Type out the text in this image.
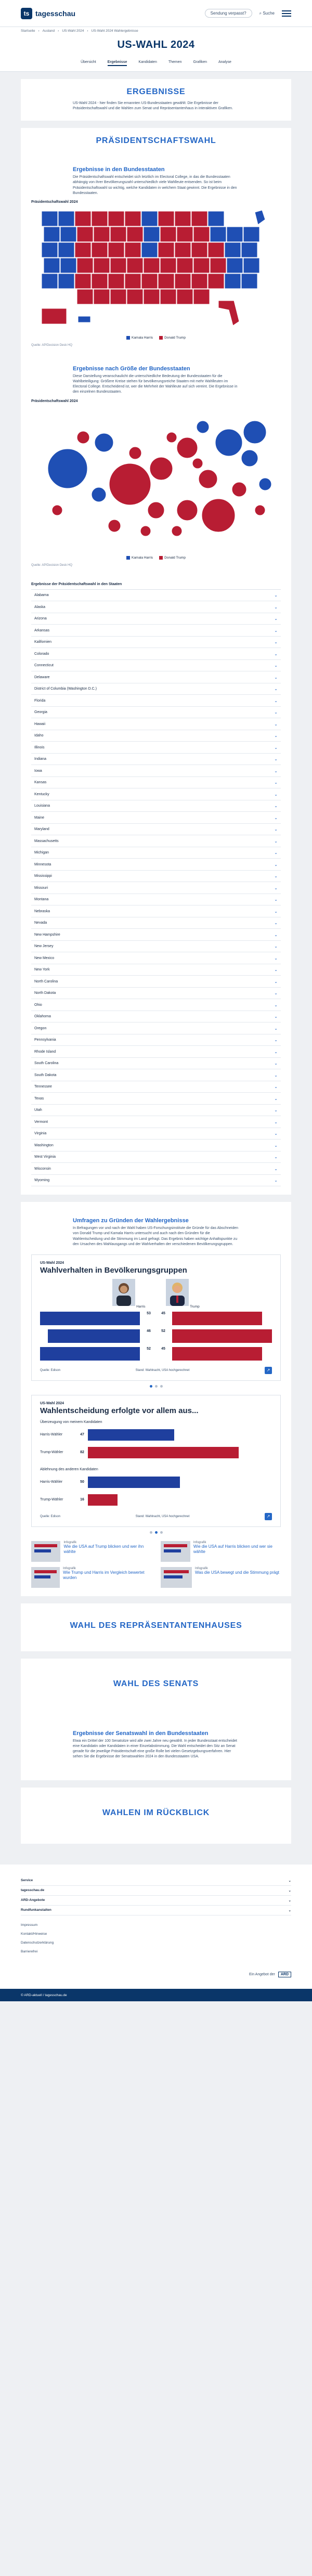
ts tagesschau	Sendung verpasst?	⌕ Suche
Startseite › Ausland › US-Wahl 2024 › US-Wahl 2024 Wahlergebnisse
US-WAHL 2024
Übersicht	Ergebnisse	Kandidaten	Themen	Grafiken	Analyse
ERGEBNISSE

US-Wahl 2024 - hier finden Sie ernannten US-Bundesstaaten gewählt: Die Ergebnisse der Präsidentschaftswahl und die Wahlen zum Senat und Repräsentantenhaus in interaktiven Grafiken.

PRÄSIDENTSCHAFTSWAHL
Ergebnisse in den Bundesstaaten

Die Präsidentschaftswahl entscheidet sich letztlich im Electoral College, in das die Bundesstaaten abhängig von ihrer Bevölkerungszahl unterschiedlich viele Wahlleute entsenden. So ist beim Präsidentschaftswahl so wichtig, welche Kandidaten in welchem Staat gewinnt. Die Ergebnisse in den Bundesstaaten.

Präsidentschaftswahl 2024
Kamala Harris	Donald Trump
Quelle: AP/Decision Desk HQ
Ergebnisse nach Größe der Bundesstaaten

Diese Darstellung veranschaulicht die unterschiedliche Bedeutung der Bundesstaaten für die Wahlbeteiligung: Größere Kreise stehen für bevölkerungsreiche Staaten mit mehr Wahlleuten im Electoral College. Entscheidend ist, wer die Mehrheit der Wahlleute auf sich vereint. Die Ergebnisse in den einzelnen Bundesstaaten.

Präsidentschaftswahl 2024
Kamala Harris	Donald Trump
Quelle: AP/Decision Desk HQ
Ergebnisse der Präsidentschaftswahl in den Staaten
Alabama	⌄
Alaska	⌄
Arizona	⌄
Arkansas	⌄
Kalifornien	⌄
Colorado	⌄
Connecticut	⌄
Delaware	⌄
District of Columbia (Washington D.C.)	⌄
Florida	⌄
Georgia	⌄
Hawaii	⌄
Idaho	⌄
Illinois	⌄
Indiana	⌄
Iowa	⌄
Kansas	⌄
Kentucky	⌄
Louisiana	⌄
Maine	⌄
Maryland	⌄
Massachusetts	⌄
Michigan	⌄
Minnesota	⌄
Mississippi	⌄
Missouri	⌄
Montana	⌄
Nebraska	⌄
Nevada	⌄
New Hampshire	⌄
New Jersey	⌄
New Mexico	⌄
New York	⌄
North Carolina	⌄
North Dakota	⌄
Ohio	⌄
Oklahoma	⌄
Oregon	⌄
Pennsylvania	⌄
Rhode Island	⌄
South Carolina	⌄
South Dakota	⌄
Tennessee	⌄
Texas	⌄
Utah	⌄
Vermont	⌄
Virginia	⌄
Washington	⌄
West Virginia	⌄
Wisconsin	⌄
Wyoming	⌄
Umfragen zu Gründen der Wahlergebnisse

In Befragungen vor und nach der Wahl haben US-Forschungsinstitute die Gründe für das Abschneiden von Donald Trump und Kamala Harris untersucht und auch nach den Gründen für die Wahlentscheidung und die Stimmung im Land gefragt. Das Ergebnis haben wichtige Anhaltspunkte zu den Ursachen des Wahlausgangs und der Wahlverhalten der verschiedenen Bevölkerungsgruppen.

US-Wahl 2024
Wahlverhalten in Bevölkerungsgruppen
Harris	Trump
53	45
46	52
52	45
Quelle: Edison	Stand: Wahlnacht, USA hochgerechnet	↗
US-Wahl 2024
Wahlentscheidung erfolgte vor allem aus...
Überzeugung von meinem Kandidaten
Harris-Wähler	47
Trump-Wähler	82
Ablehnung des anderen Kandidaten
Harris-Wähler	50
Trump-Wähler	16
Quelle: Edison	Stand: Wahlnacht, USA hochgerechnet	↗
Infografik
Wie die USA auf Trump blicken und wer ihn wählte
Infografik
Wie die USA auf Harris blicken und wer sie wählte
Infografik
Wie Trump und Harris im Vergleich bewertet wurden
Infografik
Was die USA bewegt und die Stimmung prägt
WAHL DES REPRÄSENTANTENHAUSES
WAHL DES SENATS
Ergebnisse der Senatswahl in den Bundesstaaten

Etwa ein Drittel der 100 Senatsitze wird alle zwei Jahre neu gewählt. In jeder Bundesstaat entscheidet eine Kandidatin oder Kandidaten in einer Einzelabstimmung. Die Wahl entscheidet den Sitz an Senat gerade für die jeweilige Präsidentschaft eine große Rolle bei vielen Gesetzgebungsverfahren. Hier sehen Sie die Ergebnisse der Senatswahlen 2024 in den Bundesstaaten USA.

WAHLEN IM RÜCKBLICK
Service	⌄
tagesschau.de	⌄
ARD-Angebote	⌄
Rundfunkanstalten	⌄
Impressum
Kontakt/Hinweise
Datenschutzerklärung
Barrierefrei
Ein Angebot der	ARD
© ARD-aktuell / tagesschau.de
